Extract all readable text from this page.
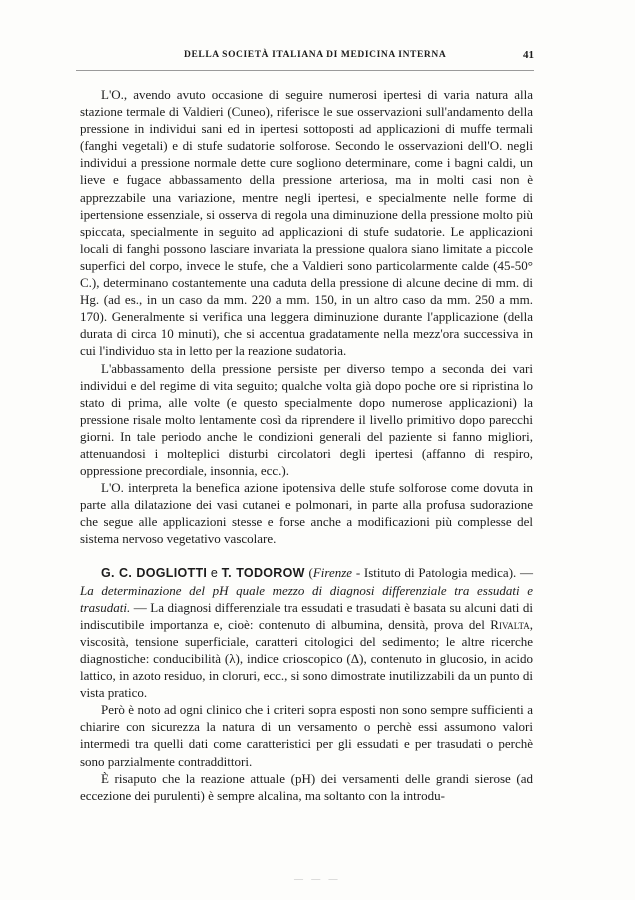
DELLA SOCIETÀ ITALIANA DI MEDICINA INTERNA	41

L'O., avendo avuto occasione di seguire numerosi ipertesi di varia natura alla stazione termale di Valdieri (Cuneo), riferisce le sue osservazioni sull'andamento della pressione in individui sani ed in ipertesi sottoposti ad applicazioni di muffe termali (fanghi vegetali) e di stufe sudatorie solforose. Secondo le osservazioni dell'O. negli individui a pressione normale dette cure sogliono determinare, come i bagni caldi, un lieve e fugace abbassamento della pressione arteriosa, ma in molti casi non è apprezzabile una variazione, mentre negli ipertesi, e specialmente nelle forme di ipertensione essenziale, si osserva di regola una diminuzione della pressione molto più spiccata, specialmente in seguito ad applicazioni di stufe sudatorie. Le applicazioni locali di fanghi possono lasciare invariata la pressione qualora siano limitate a piccole superfici del corpo, invece le stufe, che a Valdieri sono particolarmente calde (45-50° C.), determinano costantemente una caduta della pressione di alcune decine di mm. di Hg. (ad es., in un caso da mm. 220 a mm. 150, in un altro caso da mm. 250 a mm. 170). Generalmente si verifica una leggera diminuzione durante l'applicazione (della durata di circa 10 minuti), che si accentua gradatamente nella mezz'ora successiva in cui l'individuo sta in letto per la reazione sudatoria.

L'abbassamento della pressione persiste per diverso tempo a seconda dei vari individui e del regime di vita seguito; qualche volta già dopo poche ore si ripristina lo stato di prima, alle volte (e questo specialmente dopo numerose applicazioni) la pressione risale molto lentamente così da riprendere il livello primitivo dopo parecchi giorni. In tale periodo anche le condizioni generali del paziente si fanno migliori, attenuandosi i molteplici disturbi circolatori degli ipertesi (affanno di respiro, oppressione precordiale, insonnia, ecc.).

L'O. interpreta la benefica azione ipotensiva delle stufe solforose come dovuta in parte alla dilatazione dei vasi cutanei e polmonari, in parte alla profusa sudorazione che segue alle applicazioni stesse e forse anche a modificazioni più complesse del sistema nervoso vegetativo vascolare.

G. C. DOGLIOTTI e T. TODOROW (Firenze - Istituto di Patologia medica). — La determinazione del pH quale mezzo di diagnosi differenziale tra essudati e trasudati. — La diagnosi differenziale tra essudati e trasudati è basata su alcuni dati di indiscutibile importanza e, cioè: contenuto di albumina, densità, prova del Rivalta, viscosità, tensione superficiale, caratteri citologici del sedimento; le altre ricerche diagnostiche: conducibilità (λ), indice crioscopico (Δ), contenuto in glucosio, in acido lattico, in azoto residuo, in cloruri, ecc., si sono dimostrate inutilizzabili da un punto di vista pratico.

Però è noto ad ogni clinico che i criteri sopra esposti non sono sempre sufficienti a chiarire con sicurezza la natura di un versamento o perchè essi assumono valori intermedi tra quelli dati come caratteristici per gli essudati e per trasudati o perchè sono parzialmente contraddittori.

È risaputo che la reazione attuale (pH) dei versamenti delle grandi sierose (ad eccezione dei purulenti) è sempre alcalina, ma soltanto con la introdu-

— — —
